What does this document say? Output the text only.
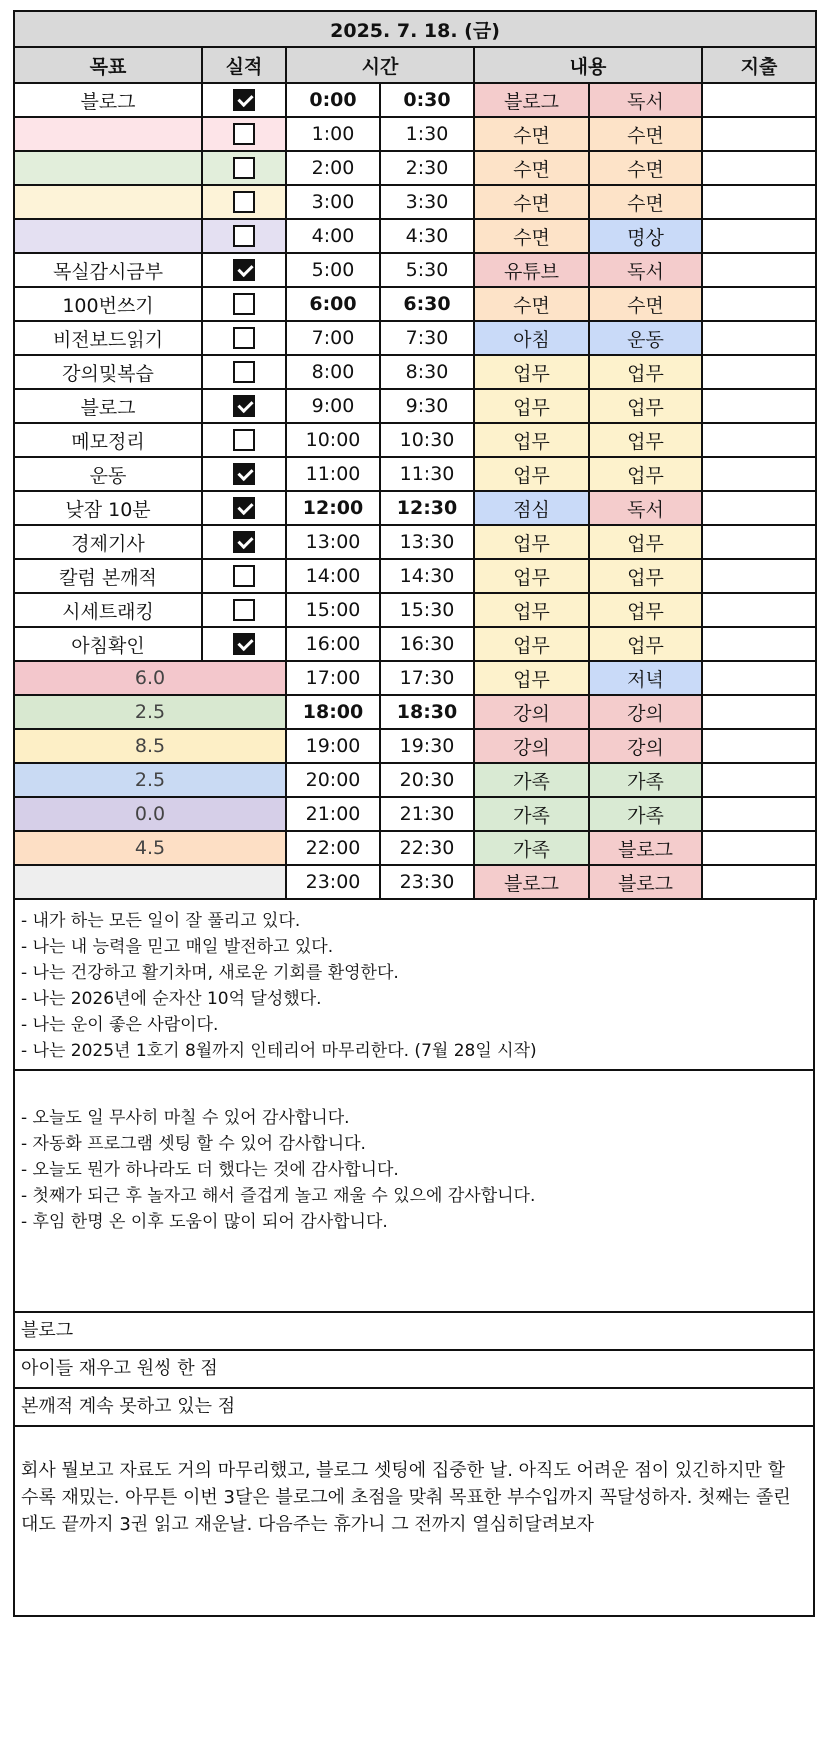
2025. 7. 18. (금)						
목표	실적	시간		내용		지출
블로그		0:00	0:30	블로그	독서	
		1:00	1:30	수면	수면	
		2:00	2:30	수면	수면	
		3:00	3:30	수면	수면	
		4:00	4:30	수면	명상	
목실감시금부		5:00	5:30	유튜브	독서	
100번쓰기		6:00	6:30	수면	수면	
비전보드읽기		7:00	7:30	아침	운동	
강의및복습		8:00	8:30	업무	업무	
블로그		9:00	9:30	업무	업무	
메모정리		10:00	10:30	업무	업무	
운동		11:00	11:30	업무	업무	
낮잠 10분		12:00	12:30	점심	독서	
경제기사		13:00	13:30	업무	업무	
칼럼 본깨적		14:00	14:30	업무	업무	
시세트래킹		15:00	15:30	업무	업무	
아침확인		16:00	16:30	업무	업무	
6.0		17:00	17:30	업무	저녁	
2.5		18:00	18:30	강의	강의	
8.5		19:00	19:30	강의	강의	
2.5		20:00	20:30	가족	가족	
0.0		21:00	21:30	가족	가족	
4.5		22:00	22:30	가족	블로그	
		23:00	23:30	블로그	블로그	
- 내가 하는 모든 일이 잘 풀리고 있다.
- 나는 내 능력을 믿고 매일 발전하고 있다.
- 나는 건강하고 활기차며, 새로운 기회를 환영한다.
- 나는 2026년에 순자산 10억 달성했다.
- 나는 운이 좋은 사람이다.
- 나는 2025년 1호기 8월까지 인테리어 마무리한다. (7월 28일 시작)
- 오늘도 일 무사히 마칠 수 있어 감사합니다.
- 자동화 프로그램 셋팅 할 수 있어 감사합니다.
- 오늘도 뭔가 하나라도 더 했다는 것에 감사합니다.
- 첫째가 되근 후 놀자고 해서 즐겁게 놀고 재울 수 있으에 감사합니다.
- 후임 한명 온 이후 도움이 많이 되어 감사합니다.
블로그
아이들 재우고 원씽 한 점
본깨적 계속 못하고 있는 점
회사 뭘보고 자료도 거의 마무리했고, 블로그 셋팅에 집중한 날. 아직도 어려운 점이 있긴하지만 할 수록 재밌는. 아무튼 이번 3달은 블로그에 초점을 맞춰 목표한 부수입까지 꼭달성하자. 첫째는 졸린대도 끝까지 3권 읽고 재운날. 다음주는 휴가니 그 전까지 열심히달려보자
